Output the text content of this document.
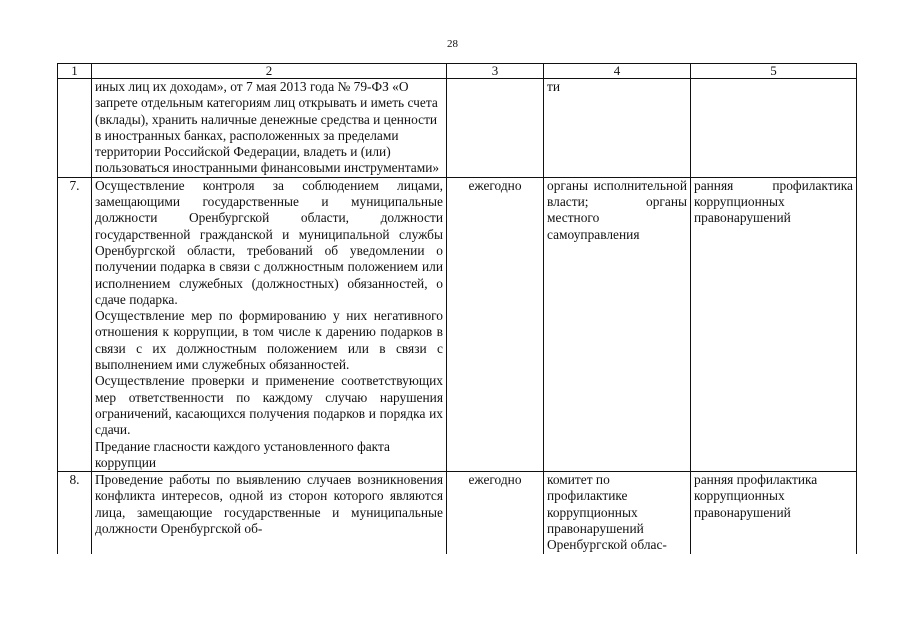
28
1	2	3	4	5

	иных лиц их доходам», от 7 мая 2013 года № 79-ФЗ «О запрете отдельным категориям лиц открывать и иметь счета (вклады), хранить наличные денежные средства и ценности в иностранных банках, расположенных за пределами территории Российской Федерации, владеть и (или) пользоваться иностранными финансовыми инструментами»		ти	
7.	Осуществление контроля за соблюдением лицами, замещающими государственные и муниципальные должности Оренбургской области, должности государственной гражданской и муниципальной службы Оренбургской области, требований об уведомлении о получении подарка в связи с должностным положением или исполнением служебных (должностных) обязанностей, о сдаче подарка.
Осуществление мер по формированию у них негативного отношения к коррупции, в том числе к дарению подарков в связи с их должностным положением или в связи с выполнением ими служебных обязанностей.
Осуществление проверки и применение соответствующих мер ответственности по каждому случаю нарушения ограничений, касающихся получения подарков и порядка их сдачи.
Предание гласности каждого установленного факта коррупции	ежегодно	органы исполнительной власти; органы местного самоуправления	ранняя профилактика коррупционных правонарушений
8.	Проведение работы по выявлению случаев возникновения конфликта интересов, одной из сторон которого являются лица, замещающие государственные и муниципальные должности Оренбургской об-	ежегодно	комитет по профилактике коррупционных правонарушений Оренбургской облас-	ранняя профилактика коррупционных правонарушений
